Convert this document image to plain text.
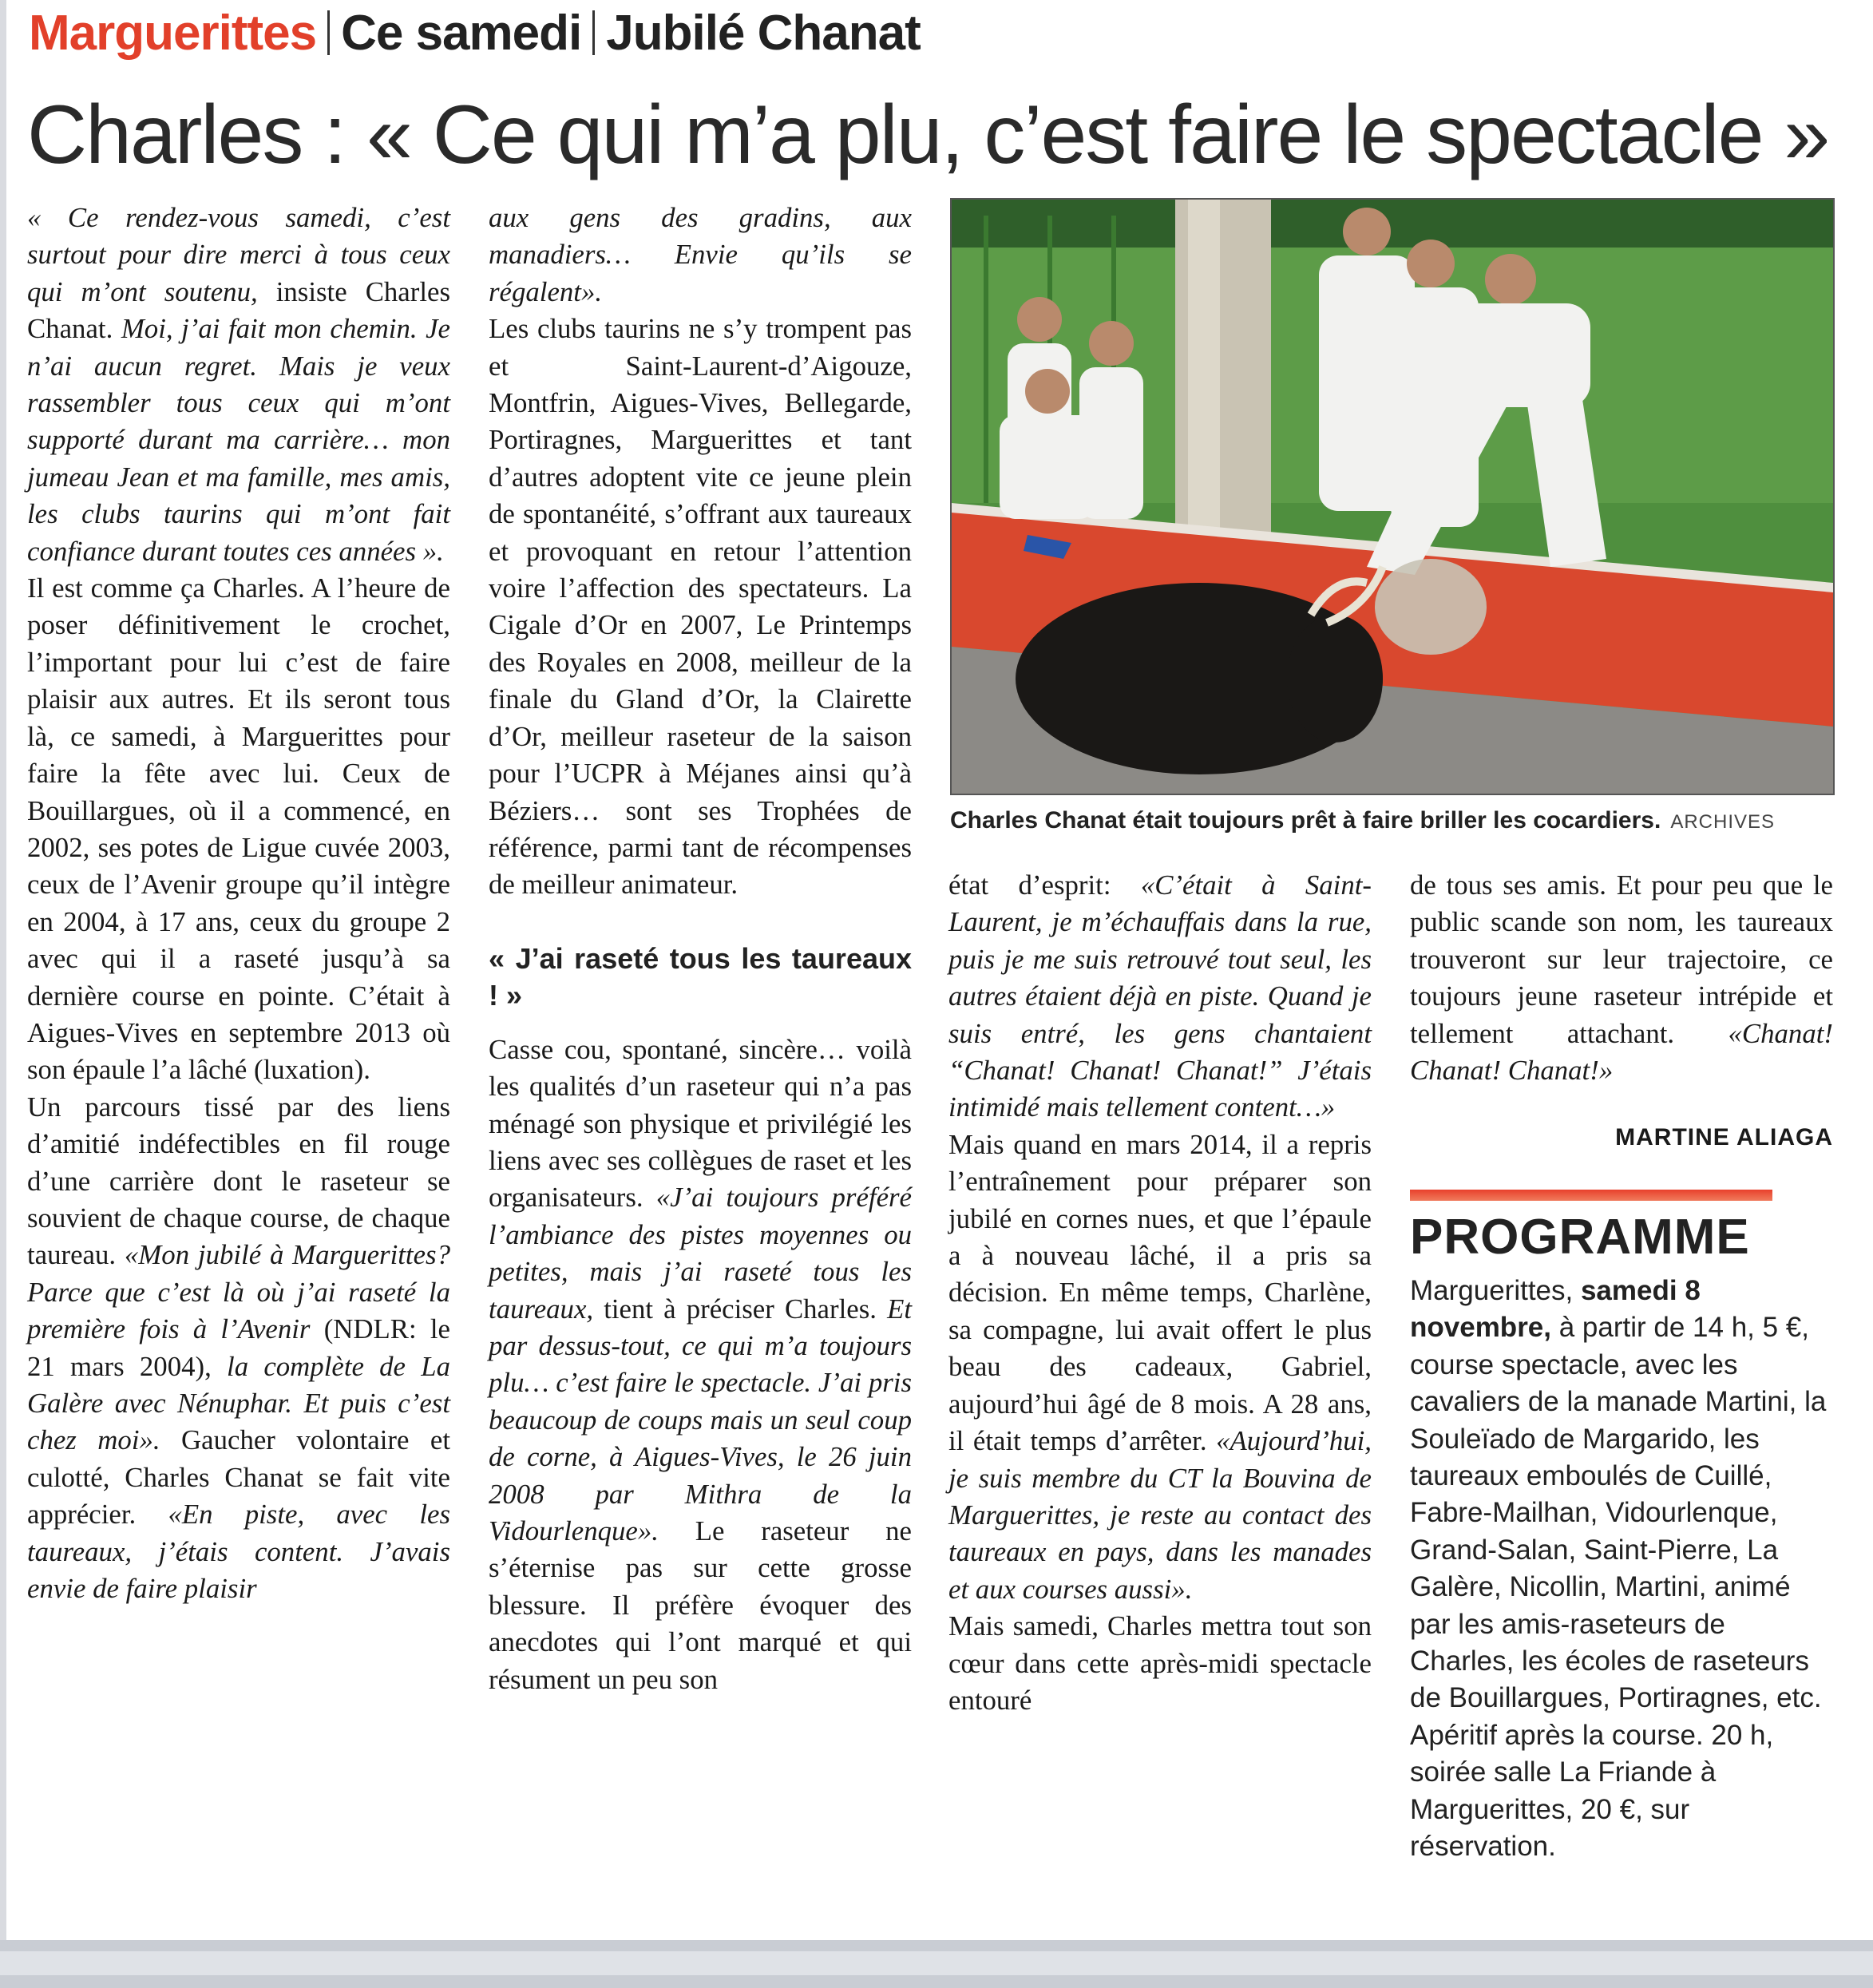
Marguerittes Ce samedi Jubilé Chanat
Charles : « Ce qui m’a plu, c’est faire le spectacle »

« Ce rendez-vous samedi, c’est surtout pour dire merci à tous ceux qui m’ont soutenu, insiste Charles Chanat. Moi, j’ai fait mon chemin. Je n’ai aucun regret. Mais je veux rassembler tous ceux qui m’ont supporté durant ma carrière… mon jumeau Jean et ma famille, mes amis, les clubs taurins qui m’ont fait confiance durant toutes ces années ».

Il est comme ça Charles. A l’heure de poser définitivement le crochet, l’important pour lui c’est de faire plaisir aux autres. Et ils seront tous là, ce samedi, à Marguerittes pour faire la fête avec lui. Ceux de Bouillargues, où il a commencé, en 2002, ses potes de Ligue cuvée 2003, ceux de l’Avenir groupe qu’il intègre en 2004, à 17 ans, ceux du groupe 2 avec qui il a raseté jusqu’à sa dernière course en pointe. C’était à Aigues-Vives en septembre 2013 où son épaule l’a lâché (luxation).

Un parcours tissé par des liens d’amitié indéfectibles en fil rouge d’une carrière dont le raseteur se souvient de chaque course, de chaque taureau. «Mon jubilé à Marguerittes? Parce que c’est là où j’ai raseté la première fois à l’Avenir (NDLR: le 21 mars 2004), la complète de La Galère avec Nénuphar. Et puis c’est chez moi». Gaucher volontaire et culotté, Charles Chanat se fait vite apprécier. «En piste, avec les taureaux, j’étais content. J’avais envie de faire plaisir

aux gens des gradins, aux manadiers… Envie qu’ils se régalent».

Les clubs taurins ne s’y trompent pas et Saint-Laurent-d’Aigouze, Montfrin, Aigues-Vives, Bellegarde, Portiragnes, Marguerittes et tant d’autres adoptent vite ce jeune plein de spontanéité, s’offrant aux taureaux et provoquant en retour l’attention voire l’affection des spectateurs. La Cigale d’Or en 2007, Le Printemps des Royales en 2008, meilleur de la finale du Gland d’Or, la Clairette d’Or, meilleur raseteur de la saison pour l’UCPR à Méjanes ainsi qu’à Béziers… sont ses Trophées de référence, parmi tant de récompenses de meilleur animateur.

« J’ai raseté tous les taureaux ! »

Casse cou, spontané, sincère… voilà les qualités d’un raseteur qui n’a pas ménagé son physique et privilégié les liens avec ses collègues de raset et les organisateurs. «J’ai toujours préféré l’ambiance des pistes moyennes ou petites, mais j’ai raseté tous les taureaux, tient à préciser Charles. Et par dessus-tout, ce qui m’a toujours plu… c’est faire le spectacle. J’ai pris beaucoup de coups mais un seul coup de corne, à Aigues-Vives, le 26 juin 2008 par Mithra de la Vidourlenque». Le raseteur ne s’éternise pas sur cette grosse blessure. Il préfère évoquer des anecdotes qui l’ont marqué et qui résument un peu son

Charles Chanat était toujours prêt à faire briller les cocardiers. ARCHIVES

état d’esprit: «C’était à Saint-Laurent, je m’échauffais dans la rue, puis je me suis retrouvé tout seul, les autres étaient déjà en piste. Quand je suis entré, les gens chantaient “Chanat! Chanat! Chanat!” J’étais intimidé mais tellement content…»

Mais quand en mars 2014, il a repris l’entraînement pour préparer son jubilé en cornes nues, et que l’épaule a à nouveau lâché, il a pris sa décision. En même temps, Charlène, sa compagne, lui avait offert le plus beau des cadeaux, Gabriel, aujourd’hui âgé de 8 mois. A 28 ans, il était temps d’arrêter. «Aujourd’hui, je suis membre du CT la Bouvina de Marguerittes, je reste au contact des taureaux en pays, dans les manades et aux courses aussi».

Mais samedi, Charles mettra tout son cœur dans cette après-midi spectacle entouré

de tous ses amis. Et pour peu que le public scande son nom, les taureaux trouveront sur leur trajectoire, ce toujours jeune raseteur intrépide et tellement attachant. «Chanat! Chanat! Chanat!»

MARTINE ALIAGA
PROGRAMME
Marguerittes, samedi 8 novembre, à partir de 14 h, 5 €, course spectacle, avec les cavaliers de la manade Martini, la Souleïado de Margarido, les taureaux emboulés de Cuillé, Fabre-Mailhan, Vidourlenque, Grand-Salan, Saint-Pierre, La Galère, Nicollin, Martini, animé par les amis-raseteurs de Charles, les écoles de raseteurs de Bouillargues, Portiragnes, etc. Apéritif après la course. 20 h, soirée salle La Friande à Marguerittes, 20 €, sur réservation.
